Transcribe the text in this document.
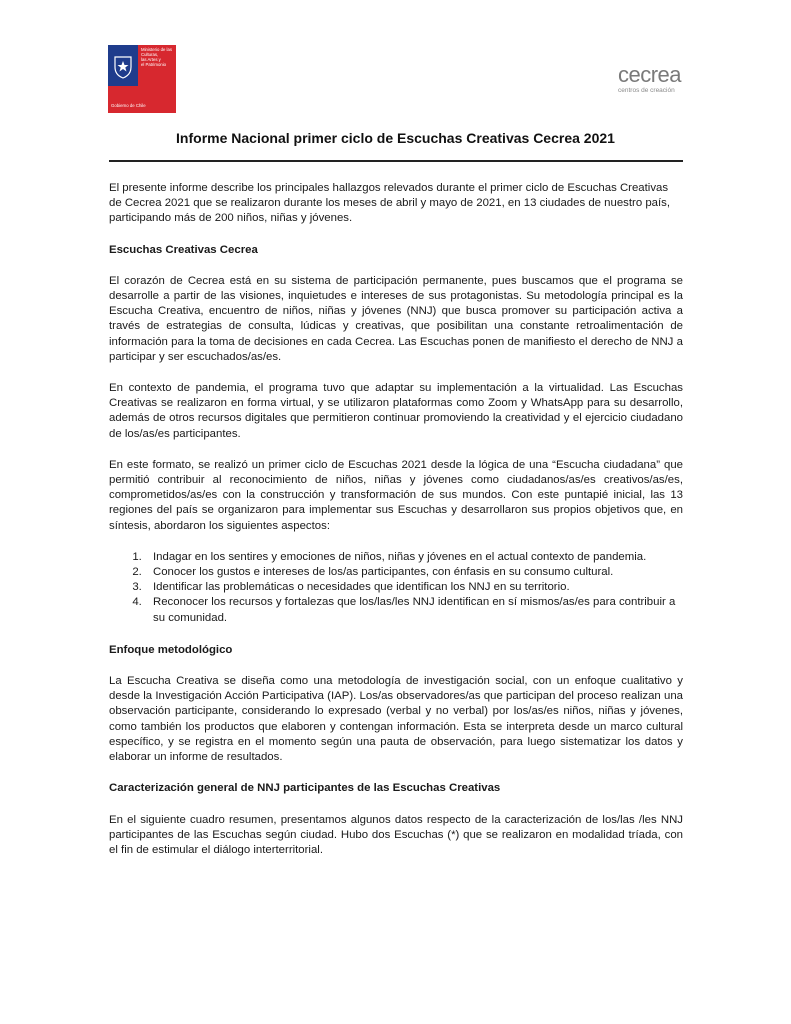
Ministerio de las Culturas,
las Artes y
el Patrimonio
Gobierno de Chile
cecrea
centros de creación
Informe Nacional primer ciclo de Escuchas Creativas Cecrea 2021

El presente informe describe los principales hallazgos relevados durante el primer ciclo de Escuchas Creativas de Cecrea 2021 que se realizaron durante los meses de abril y mayo de 2021, en 13 ciudades de nuestro país, participando más de 200 niños, niñas y jóvenes.

Escuchas Creativas Cecrea

El corazón de Cecrea está en su sistema de participación permanente, pues buscamos que el programa se desarrolle a partir de las visiones, inquietudes e intereses de sus protagonistas. Su metodología principal es la Escucha Creativa, encuentro de niños, niñas y jóvenes (NNJ) que busca promover su participación activa a través de estrategias de consulta, lúdicas y creativas, que posibilitan una constante retroalimentación de información para la toma de decisiones en cada Cecrea. Las Escuchas ponen de manifiesto el derecho de NNJ a participar y ser escuchados/as/es.

En contexto de pandemia, el programa tuvo que adaptar su implementación a la virtualidad. Las Escuchas Creativas se realizaron en forma virtual, y se utilizaron plataformas como Zoom y WhatsApp para su desarrollo, además de otros recursos digitales que permitieron continuar promoviendo la creatividad y el ejercicio ciudadano de los/as/es participantes.

En este formato, se realizó un primer ciclo de Escuchas 2021 desde la lógica de una “Escucha ciudadana” que permitió contribuir al reconocimiento de niños, niñas y jóvenes como ciudadanos/as/es creativos/as/es, comprometidos/as/es con la construcción y transformación de sus mundos. Con este puntapié inicial, las 13 regiones del país se organizaron para implementar sus Escuchas y desarrollaron sus propios objetivos que, en síntesis, abordaron los siguientes aspectos:

1. Indagar en los sentires y emociones de niños, niñas y jóvenes en el actual contexto de pandemia.
2. Conocer los gustos e intereses de los/as participantes, con énfasis en su consumo cultural.
3. Identificar las problemáticas o necesidades que identifican los NNJ en su territorio.
4. Reconocer los recursos y fortalezas que los/las/les NNJ identifican en sí mismos/as/es para contribuir a su comunidad.
Enfoque metodológico

La Escucha Creativa se diseña como una metodología de investigación social, con un enfoque cualitativo y desde la Investigación Acción Participativa (IAP). Los/as observadores/as que participan del proceso realizan una observación participante, considerando lo expresado (verbal y no verbal) por los/as/es niños, niñas y jóvenes, como también los productos que elaboren y contengan información. Esta se interpreta desde un marco cultural específico, y se registra en el momento según una pauta de observación, para luego sistematizar los datos y elaborar un informe de resultados.

Caracterización general de NNJ participantes de las Escuchas Creativas

En el siguiente cuadro resumen, presentamos algunos datos respecto de la caracterización de los/las /les NNJ participantes de las Escuchas según ciudad. Hubo dos Escuchas (*) que se realizaron en modalidad tríada, con el fin de estimular el diálogo interterritorial.
